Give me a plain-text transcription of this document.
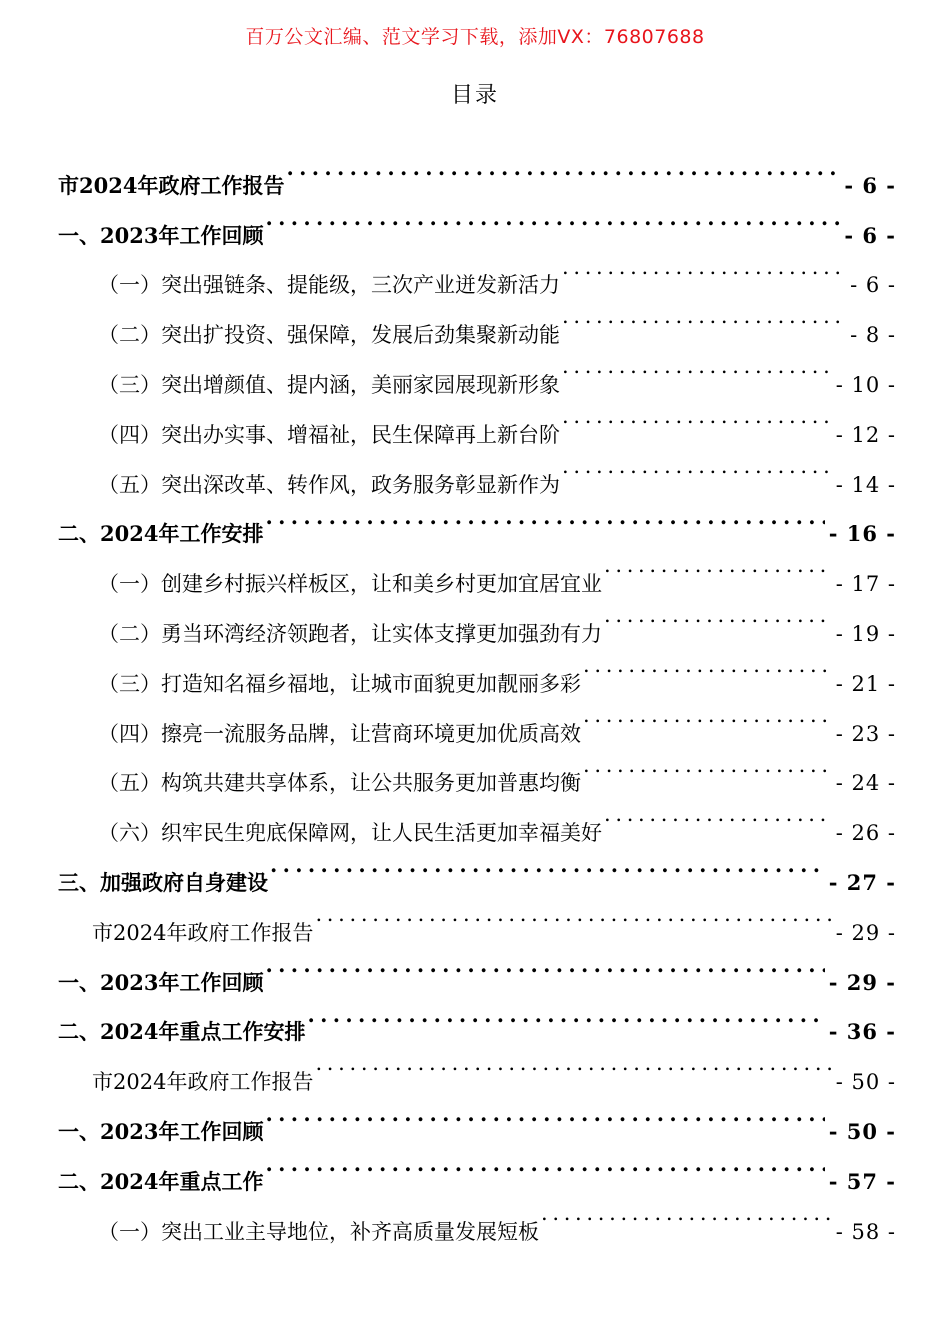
百万公文汇编、范文学习下载，添加VX：76807688
目录
市2024年政府工作报告 . . .	- 6 -
一、2023年工作回顾 . . .	- 6 -
（一）突出强链条、提能级，三次产业迸发新活力 . . .	- 6 -
（二）突出扩投资、强保障，发展后劲集聚新动能 . . .	- 8 -
（三）突出增颜值、提内涵，美丽家园展现新形象 . . .	- 10 -
（四）突出办实事、增福祉，民生保障再上新台阶 . . .	- 12 -
（五）突出深改革、转作风，政务服务彰显新作为 . . .	- 14 -
二、2024年工作安排 . . .	- 16 -
（一）创建乡村振兴样板区，让和美乡村更加宜居宜业 . . .	- 17 -
（二）勇当环湾经济领跑者，让实体支撑更加强劲有力 . . .	- 19 -
（三）打造知名福乡福地，让城市面貌更加靓丽多彩 . . .	- 21 -
（四）擦亮一流服务品牌，让营商环境更加优质高效 . . .	- 23 -
（五）构筑共建共享体系，让公共服务更加普惠均衡 . . .	- 24 -
（六）织牢民生兜底保障网，让人民生活更加幸福美好 . . .	- 26 -
三、加强政府自身建设 . . .	- 27 -
市2024年政府工作报告 . . .	- 29 -
一、2023年工作回顾 . . .	- 29 -
二、2024年重点工作安排 . . .	- 36 -
市2024年政府工作报告 . . .	- 50 -
一、2023年工作回顾 . . .	- 50 -
二、2024年重点工作 . . .	- 57 -
（一）突出工业主导地位，补齐高质量发展短板 . . .	- 58 -
